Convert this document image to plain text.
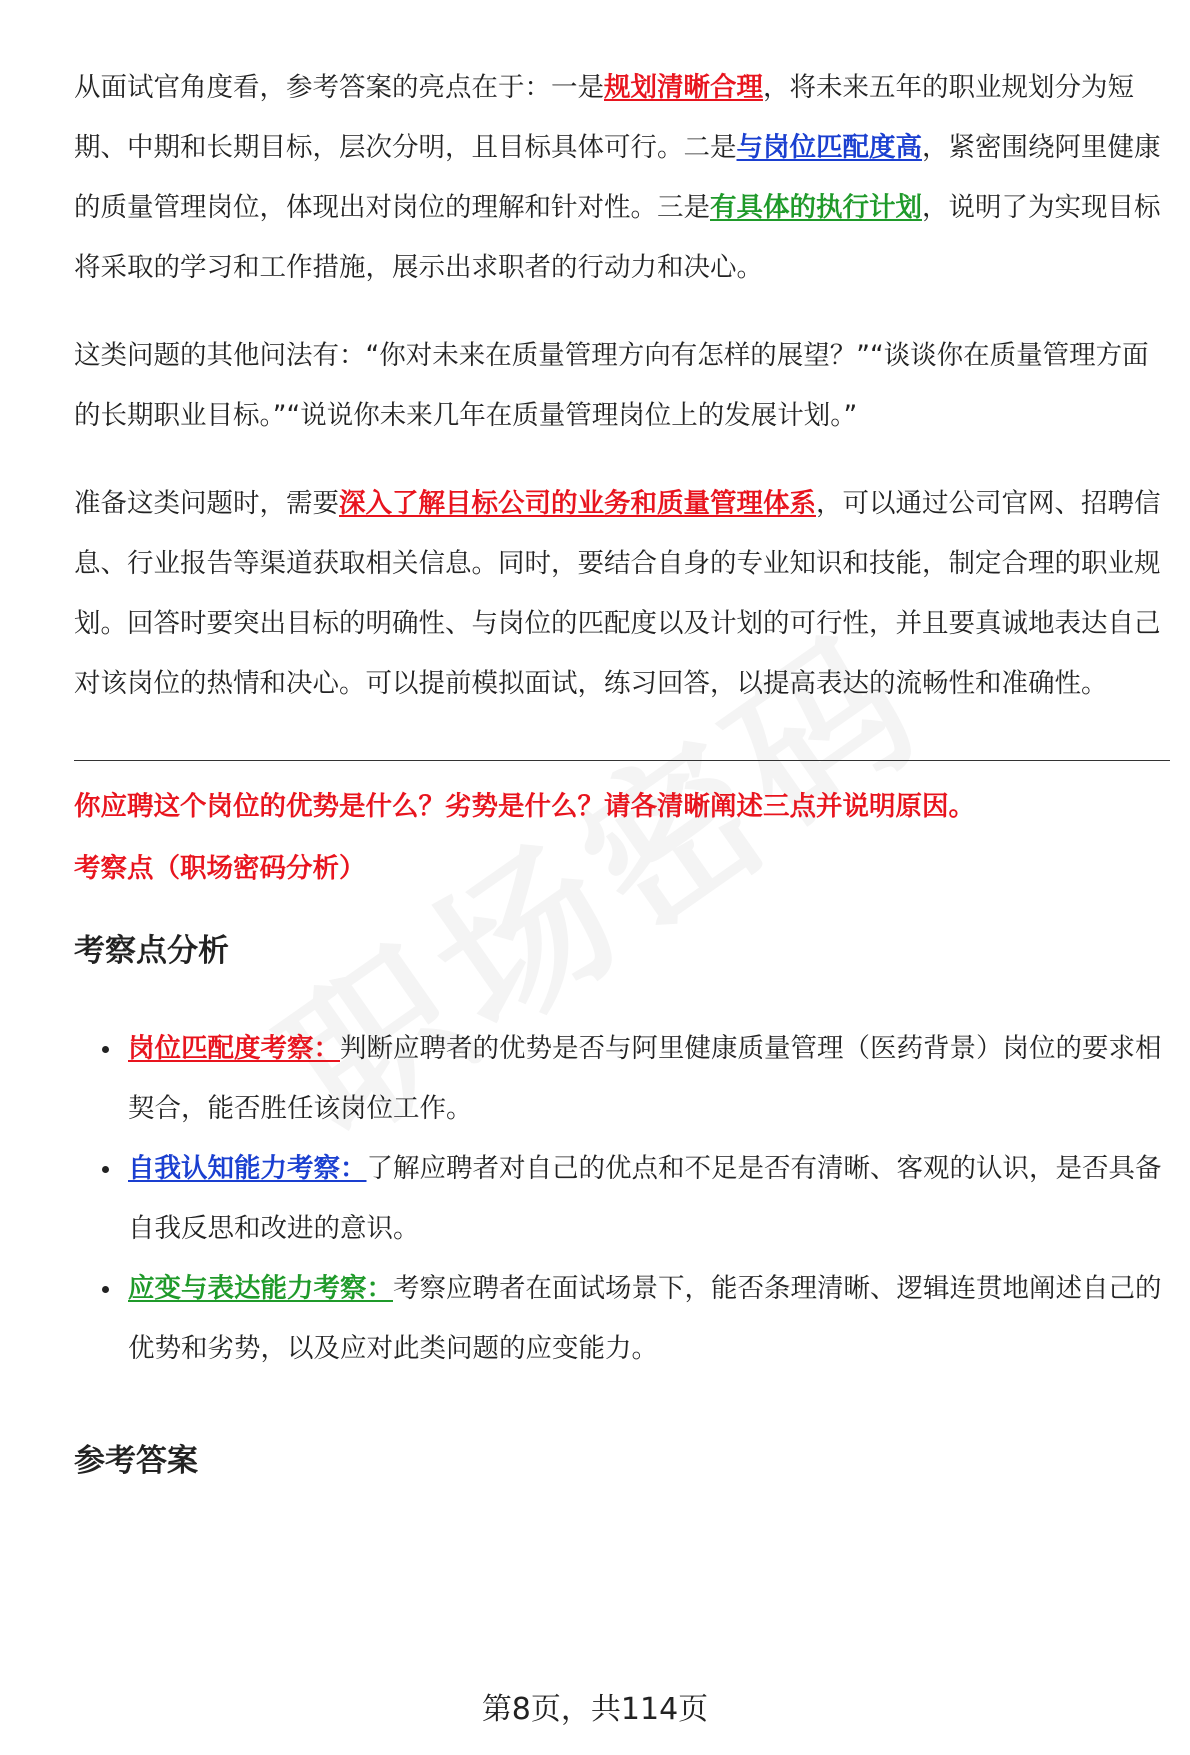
从面试官角度看，参考答案的亮点在于：一是规划清晰合理，将未来五年的职业规划分为短期、中期和长期目标，层次分明，且目标具体可行。二是与岗位匹配度高，紧密围绕阿里健康的质量管理岗位，体现出对岗位的理解和针对性。三是有具体的执行计划，说明了为实现目标将采取的学习和工作措施，展示出求职者的行动力和决心。

这类问题的其他问法有：“你对未来在质量管理方向有怎样的展望？”“谈谈你在质量管理方面的长期职业目标。”“说说你未来几年在质量管理岗位上的发展计划。”

准备这类问题时，需要深入了解目标公司的业务和质量管理体系，可以通过公司官网、招聘信息、行业报告等渠道获取相关信息。同时，要结合自身的专业知识和技能，制定合理的职业规划。回答时要突出目标的明确性、与岗位的匹配度以及计划的可行性，并且要真诚地表达自己对该岗位的热情和决心。可以提前模拟面试，练习回答，以提高表达的流畅性和准确性。

你应聘这个岗位的优势是什么？劣势是什么？请各清晰阐述三点并说明原因。
考察点（职场密码分析）
考察点分析
岗位匹配度考察：判断应聘者的优势是否与阿里健康质量管理（医药背景）岗位的要求相契合，能否胜任该岗位工作。
自我认知能力考察：了解应聘者对自己的优点和不足是否有清晰、客观的认识，是否具备自我反思和改进的意识。
应变与表达能力考察：考察应聘者在面试场景下，能否条理清晰、逻辑连贯地阐述自己的优势和劣势，以及应对此类问题的应变能力。
参考答案
第8页，共114页
